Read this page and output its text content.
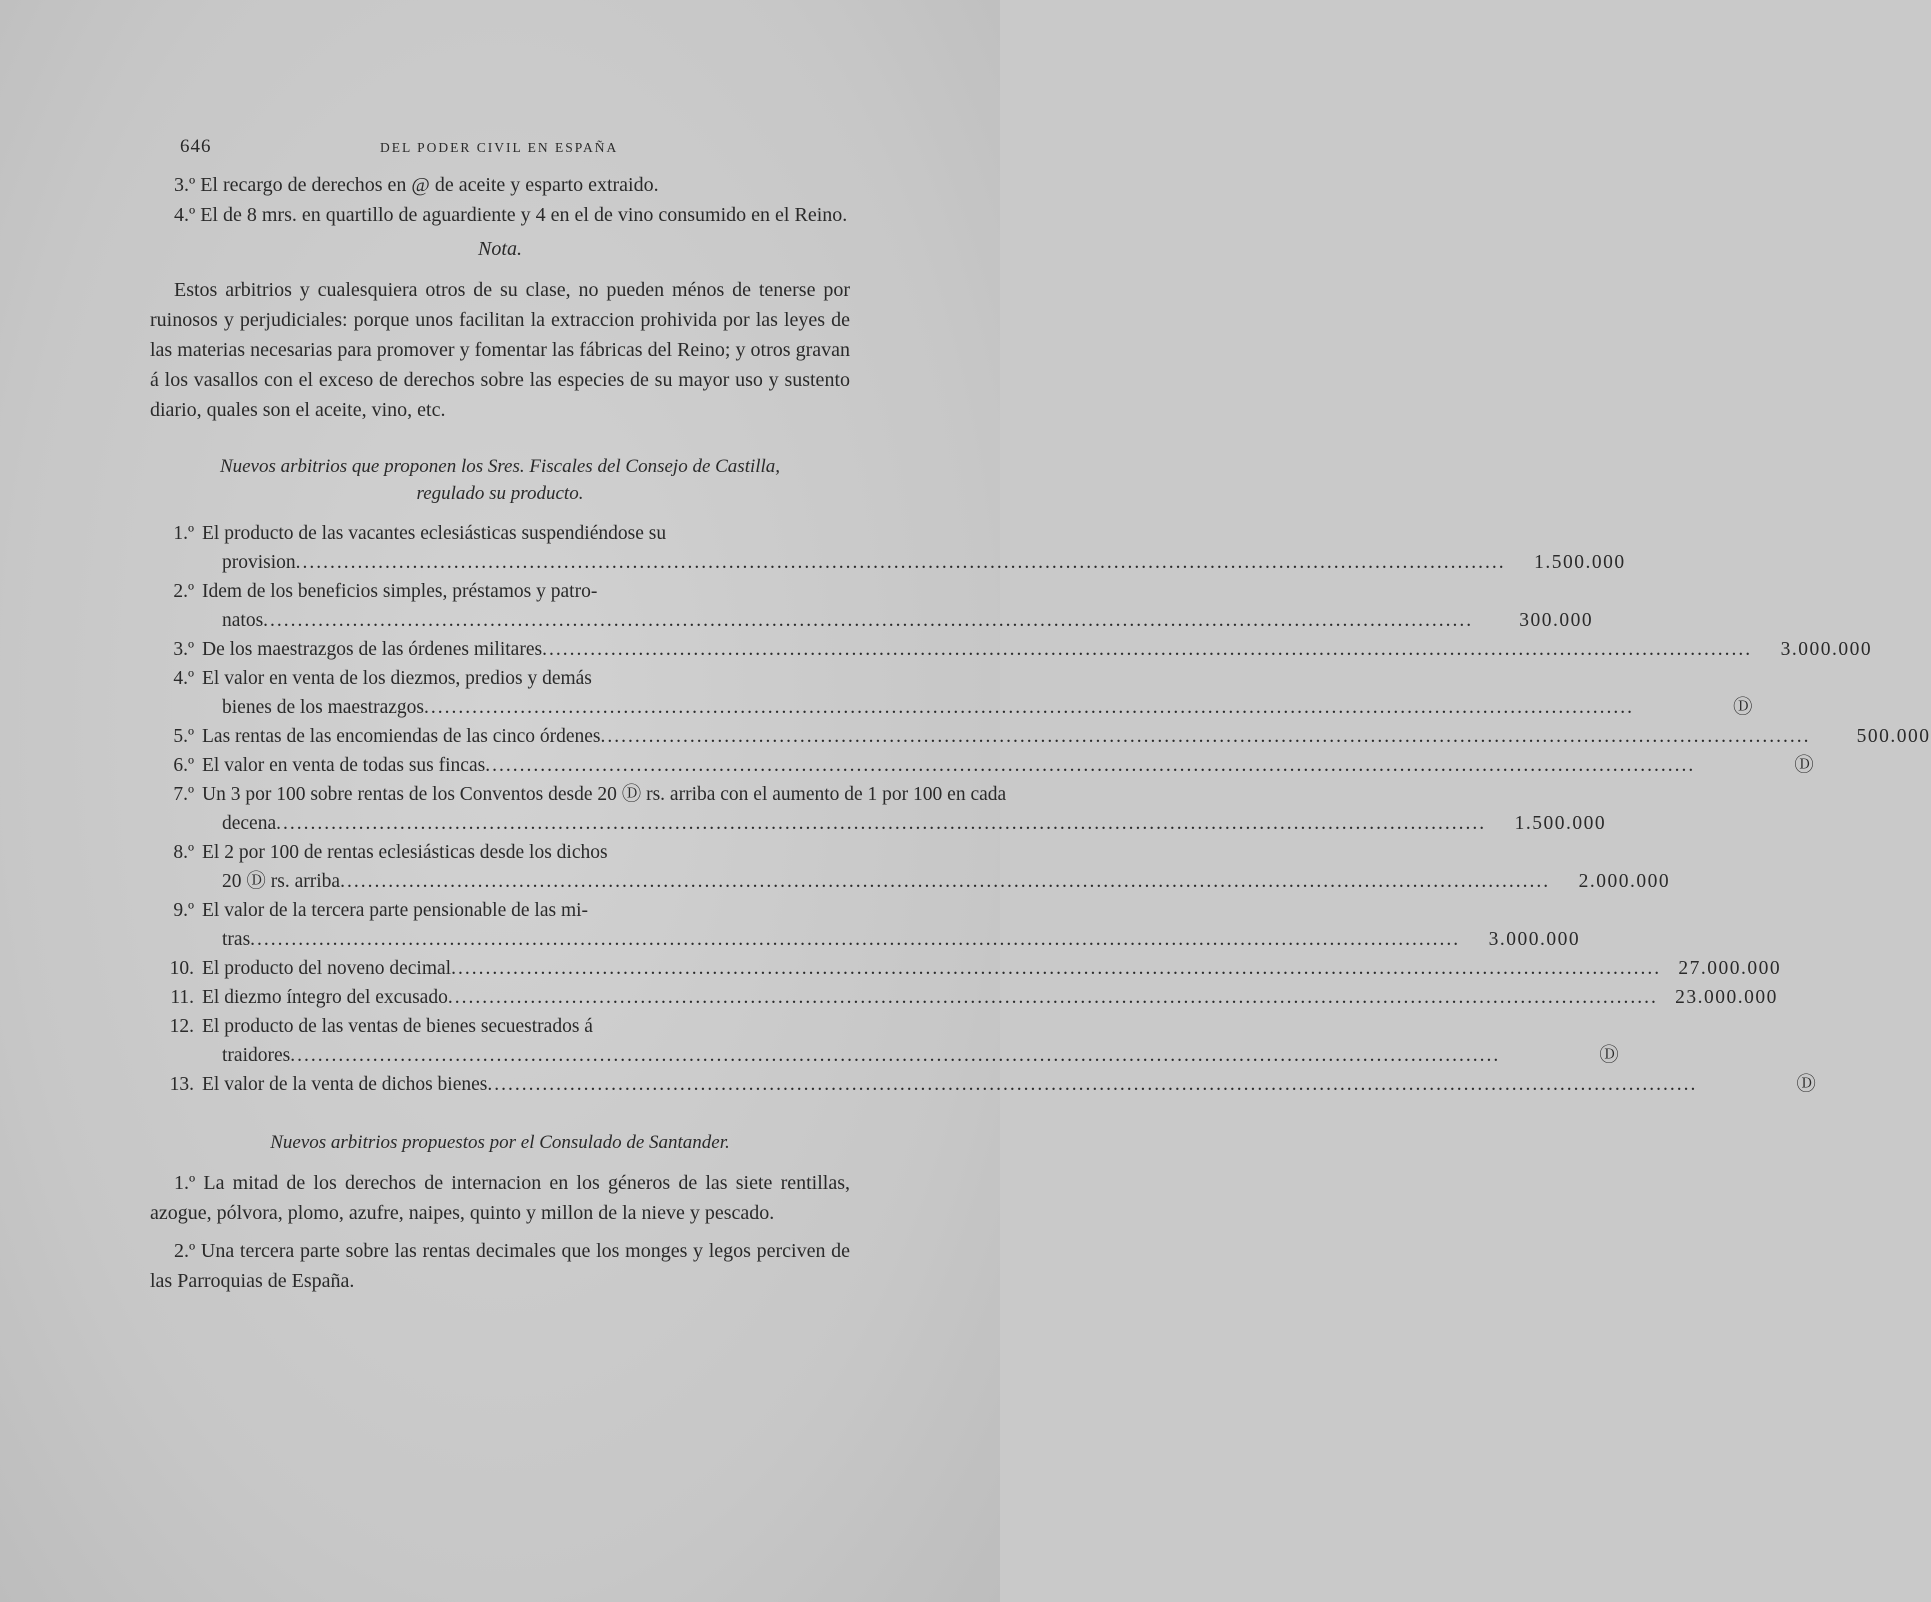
646	DEL PODER CIVIL EN ESPAÑA

3.º El recargo de derechos en @ de aceite y esparto extraido.

4.º El de 8 mrs. en quartillo de aguardiente y 4 en el de vino consumido en el Reino.

Nota.

Estos arbitrios y cualesquiera otros de su clase, no pueden ménos de tenerse por ruinosos y perjudiciales: porque unos facilitan la extraccion prohivida por las leyes de las materias necesarias para promover y fomentar las fábricas del Reino; y otros gravan á los vasallos con el exceso de derechos sobre las especies de su mayor uso y sustento diario, quales son el aceite, vino, etc.

Nuevos arbitrios que proponen los Sres. Fiscales del Consejo de Castilla,
regulado su producto.
1.º El producto de las vacantes eclesiásticas suspendiéndose su
provision .....	1.500.000
2.º Idem de los beneficios simples, préstamos y patro-
natos .....	300.000
3.º De los maestrazgos de las órdenes militares .....	3.000.000
4.º El valor en venta de los diezmos, predios y demás
bienes de los maestrazgos .....	Ⓓ
5.º Las rentas de las encomiendas de las cinco órdenes .....	500.000
6.º El valor en venta de todas sus fincas .....	Ⓓ
7.º Un 3 por 100 sobre rentas de los Conventos desde 20 Ⓓ rs. arriba con el aumento de 1 por 100 en cada
decena .....	1.500.000
8.º El 2 por 100 de rentas eclesiásticas desde los dichos
20 Ⓓ rs. arriba .....	2.000.000
9.º El valor de la tercera parte pensionable de las mi-
tras .....	3.000.000
10. El producto del noveno decimal .....	27.000.000
11. El diezmo íntegro del excusado .....	23.000.000
12. El producto de las ventas de bienes secuestrados á
traidores .....	Ⓓ
13. El valor de la venta de dichos bienes .....	Ⓓ
Nuevos arbitrios propuestos por el Consulado de Santander.

1.º La mitad de los derechos de internacion en los géneros de las siete rentillas, azogue, pólvora, plomo, azufre, naipes, quinto y millon de la nieve y pescado.

2.º Una tercera parte sobre las rentas decimales que los monges y legos perciven de las Parroquias de España.
